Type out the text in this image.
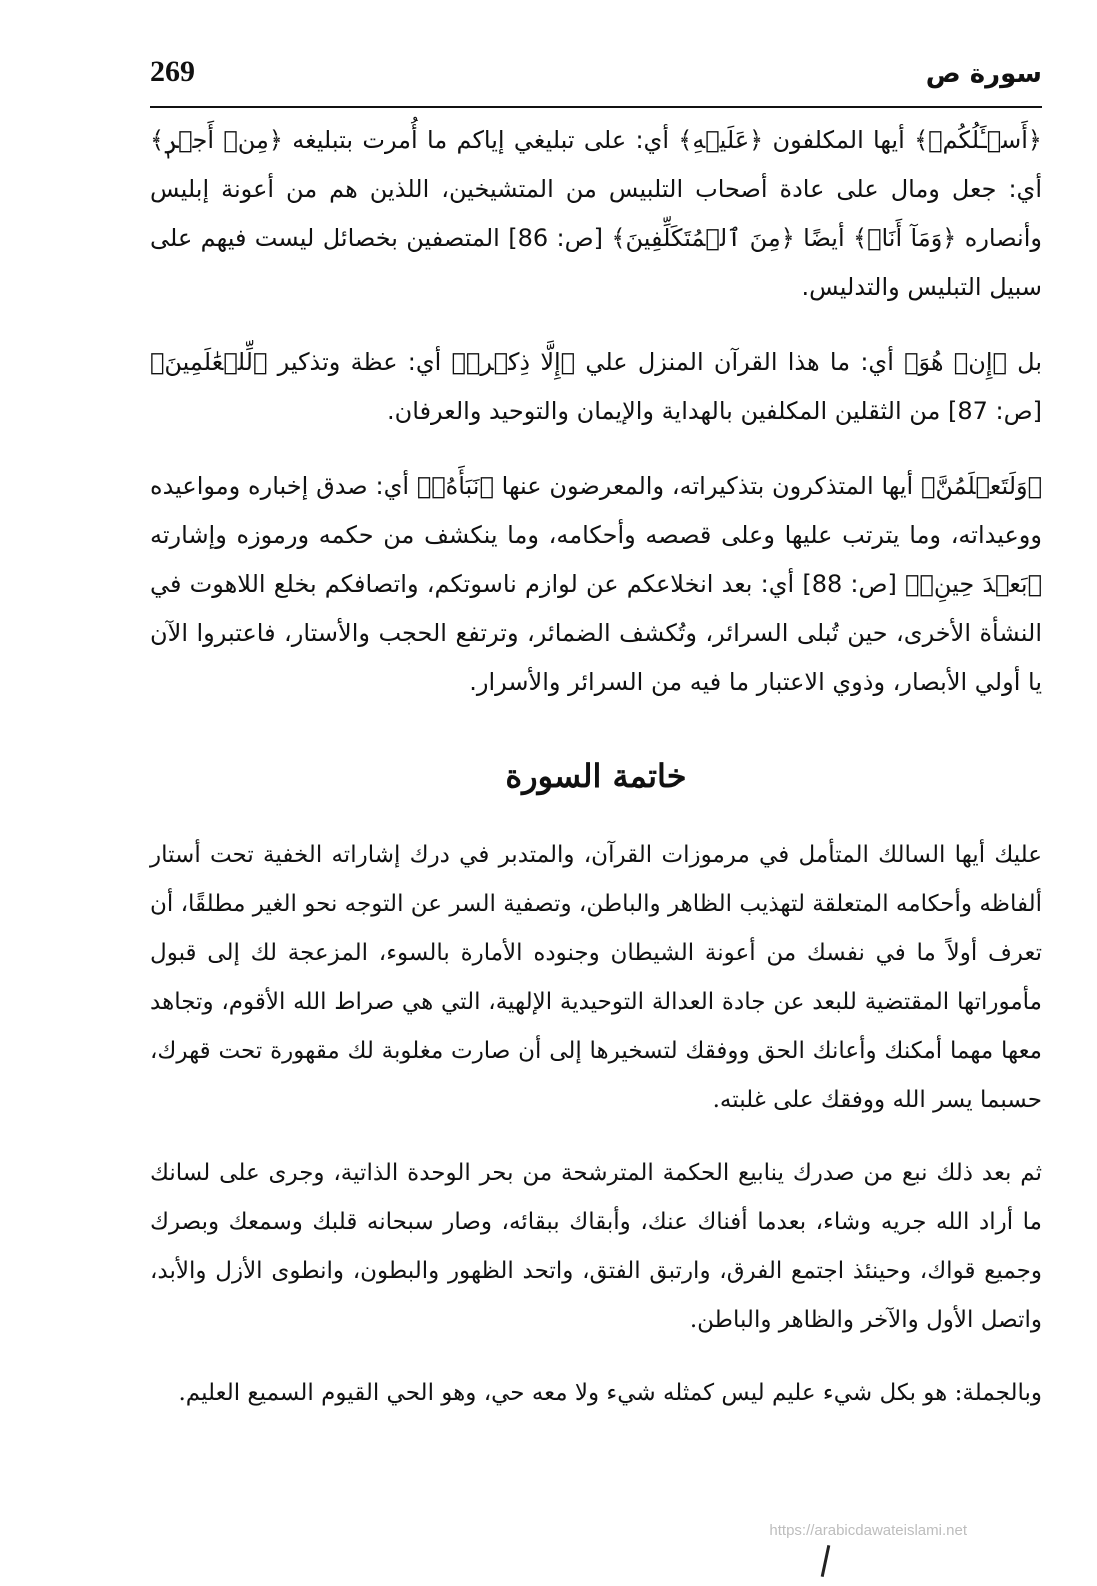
سورة ص
269

﴿أَسۡـَٔلُكُمۡ﴾ أيها المكلفون ﴿عَلَيۡهِ﴾ أي: على تبليغي إياكم ما أُمرت بتبليغه ﴿مِنۡ أَجۡرٖ﴾ أي: جعل ومال على عادة أصحاب التلبيس من المتشيخين، اللذين هم من أعونة إبليس وأنصاره ﴿وَمَآ أَنَا۠﴾ أيضًا ﴿مِنَ ٱلۡمُتَكَلِّفِينَ﴾ [ص: 86] المتصفين بخصائل ليست فيهم على سبيل التبليس والتدليس.

بل ﴿إِنۡ هُوَ﴾ أي: ما هذا القرآن المنزل علي ﴿إِلَّا ذِكۡرٞ﴾ أي: عظة وتذكير ﴿لِّلۡعَٰلَمِينَ﴾ [ص: 87] من الثقلين المكلفين بالهداية والإيمان والتوحيد والعرفان.

﴿وَلَتَعۡلَمُنَّ﴾ أيها المتذكرون بتذكيراته، والمعرضون عنها ﴿نَبَأَهُۥ﴾ أي: صدق إخباره ومواعيده ووعيداته، وما يترتب عليها وعلى قصصه وأحكامه، وما ينكشف من حكمه ورموزه وإشارته ﴿بَعۡدَ حِينِۭ﴾ [ص: 88] أي: بعد انخلاعكم عن لوازم ناسوتكم، واتصافكم بخلع اللاهوت في النشأة الأخرى، حين تُبلى السرائر، وتُكشف الضمائر، وترتفع الحجب والأستار، فاعتبروا الآن يا أولي الأبصار، وذوي الاعتبار ما فيه من السرائر والأسرار.

خاتمة السورة

عليك أيها السالك المتأمل في مرموزات القرآن، والمتدبر في درك إشاراته الخفية تحت أستار ألفاظه وأحكامه المتعلقة لتهذيب الظاهر والباطن، وتصفية السر عن التوجه نحو الغير مطلقًا، أن تعرف أولاً ما في نفسك من أعونة الشيطان وجنوده الأمارة بالسوء، المزعجة لك إلى قبول مأموراتها المقتضية للبعد عن جادة العدالة التوحيدية الإلهية، التي هي صراط الله الأقوم، وتجاهد معها مهما أمكنك وأعانك الحق ووفقك لتسخيرها إلى أن صارت مغلوبة لك مقهورة تحت قهرك، حسبما يسر الله ووفقك على غلبته.

ثم بعد ذلك نبع من صدرك ينابيع الحكمة المترشحة من بحر الوحدة الذاتية، وجرى على لسانك ما أراد الله جريه وشاء، بعدما أفناك عنك، وأبقاك ببقائه، وصار سبحانه قلبك وسمعك وبصرك وجميع قواك، وحينئذ اجتمع الفرق، وارتبق الفتق، واتحد الظهور والبطون، وانطوى الأزل والأبد، واتصل الأول والآخر والظاهر والباطن.

وبالجملة: هو بكل شيء عليم ليس كمثله شيء ولا معه حي، وهو الحي القيوم السميع العليم.

https://arabicdawateislami.net
